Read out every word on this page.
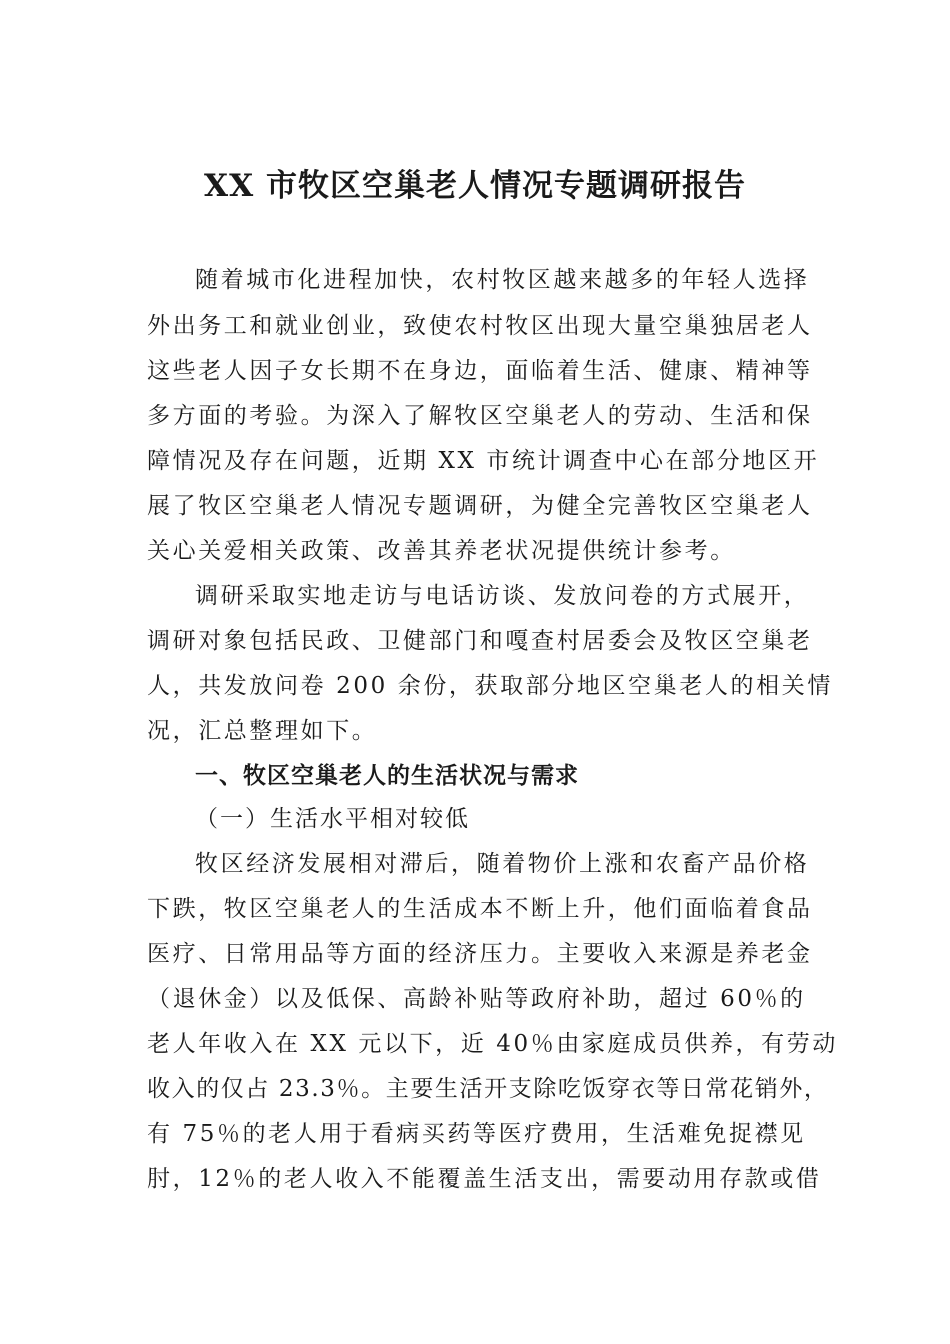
XX 市牧区空巢老人情况专题调研报告
随着城市化进程加快，农村牧区越来越多的年轻人选择
外出务工和就业创业，致使农村牧区出现大量空巢独居老人
这些老人因子女长期不在身边，面临着生活、健康、精神等
多方面的考验。为深入了解牧区空巢老人的劳动、生活和保
障情况及存在问题，近期 XX 市统计调查中心在部分地区开
展了牧区空巢老人情况专题调研，为健全完善牧区空巢老人
关心关爱相关政策、改善其养老状况提供统计参考。
调研采取实地走访与电话访谈、发放问卷的方式展开，
调研对象包括民政、卫健部门和嘎查村居委会及牧区空巢老
人，共发放问卷 200 余份，获取部分地区空巢老人的相关情
况，汇总整理如下。
一、牧区空巢老人的生活状况与需求
（一）生活水平相对较低
牧区经济发展相对滞后，随着物价上涨和农畜产品价格
下跌，牧区空巢老人的生活成本不断上升，他们面临着食品
医疗、日常用品等方面的经济压力。主要收入来源是养老金
（退休金）以及低保、高龄补贴等政府补助，超过 60％的
老人年收入在 XX 元以下，近 40％由家庭成员供养，有劳动
收入的仅占 23.3％。主要生活开支除吃饭穿衣等日常花销外，
有 75％的老人用于看病买药等医疗费用，生活难免捉襟见
肘，12％的老人收入不能覆盖生活支出，需要动用存款或借
